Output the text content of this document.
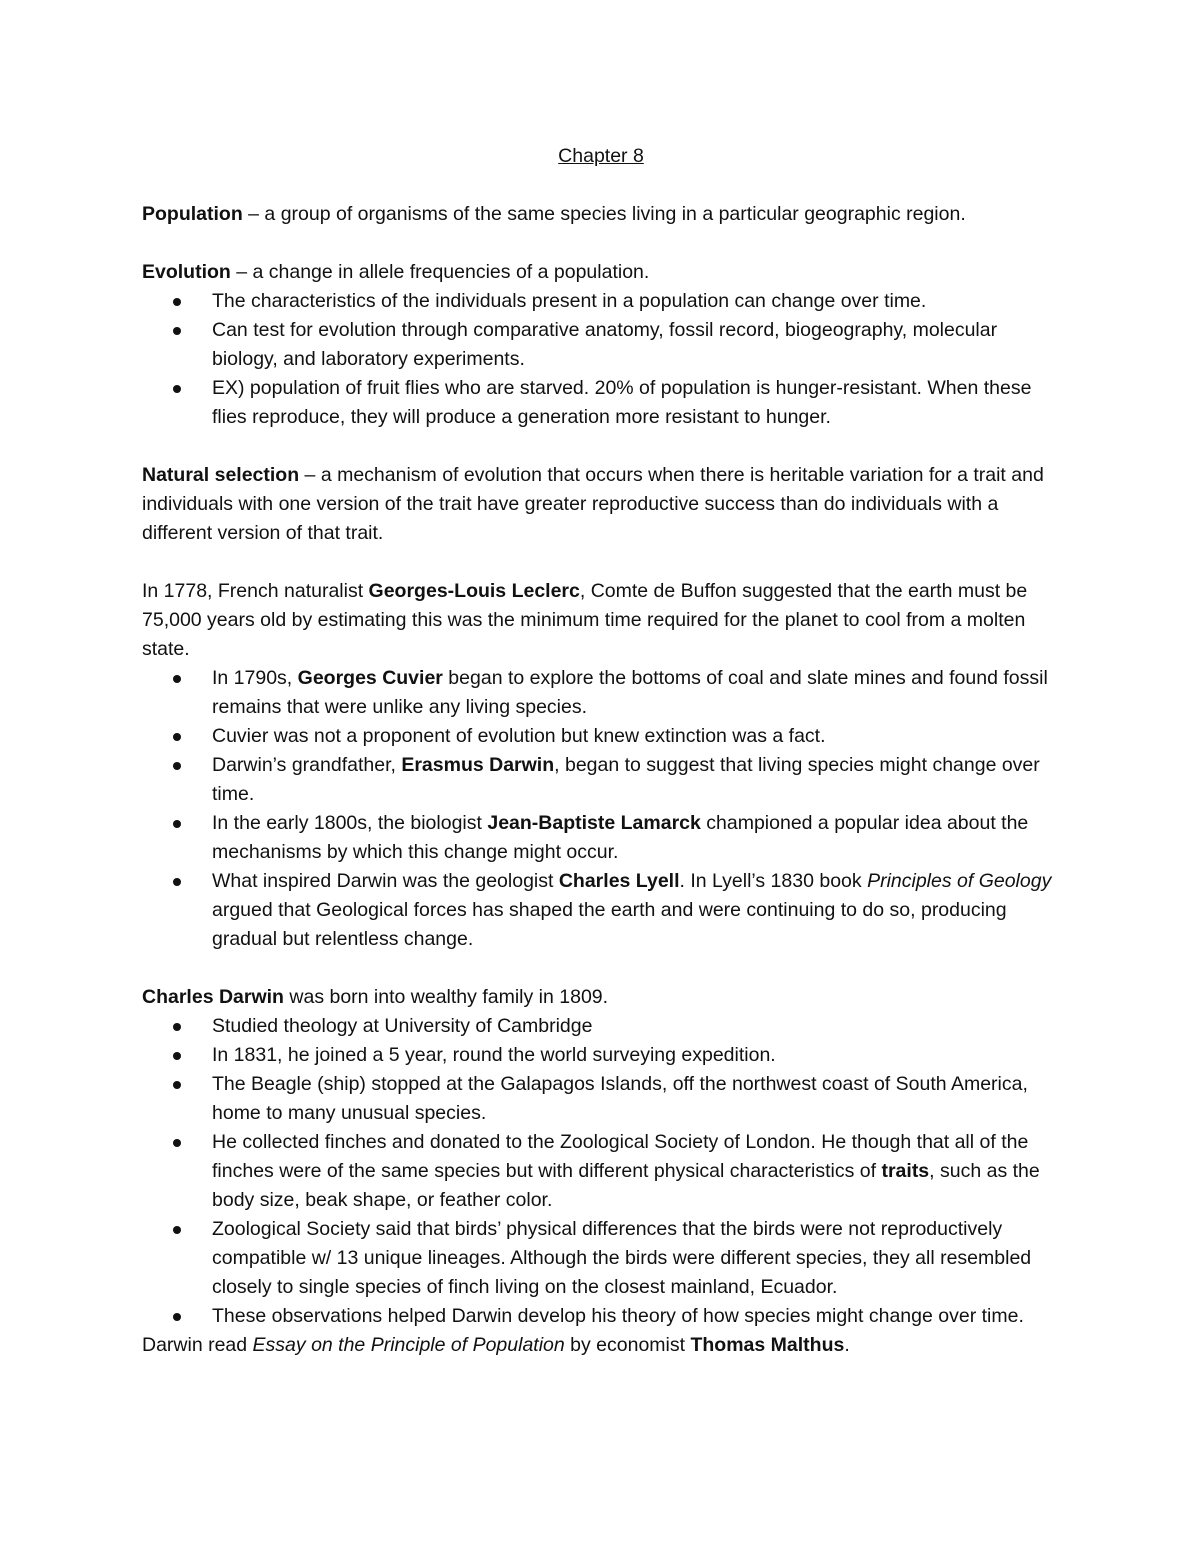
Chapter 8

Population – a group of organisms of the same species living in a particular geographic region.

Evolution – a change in allele frequencies of a population.

The characteristics of the individuals present in a population can change over time.
Can test for evolution through comparative anatomy, fossil record, biogeography, molecular biology, and laboratory experiments.
EX) population of fruit flies who are starved. 20% of population is hunger-resistant. When these flies reproduce, they will produce a generation more resistant to hunger.

Natural selection – a mechanism of evolution that occurs when there is heritable variation for a trait and individuals with one version of the trait have greater reproductive success than do individuals with a different version of that trait.

In 1778, French naturalist Georges-Louis Leclerc, Comte de Buffon suggested that the earth must be 75,000 years old by estimating this was the minimum time required for the planet to cool from a molten state.

In 1790s, Georges Cuvier began to explore the bottoms of coal and slate mines and found fossil remains that were unlike any living species.
Cuvier was not a proponent of evolution but knew extinction was a fact.
Darwin’s grandfather, Erasmus Darwin, began to suggest that living species might change over time.
In the early 1800s, the biologist Jean-Baptiste Lamarck championed a popular idea about the mechanisms by which this change might occur.
What inspired Darwin was the geologist Charles Lyell. In Lyell’s 1830 book Principles of Geology argued that Geological forces has shaped the earth and were continuing to do so, producing gradual but relentless change.

Charles Darwin was born into wealthy family in 1809.

Studied theology at University of Cambridge
In 1831, he joined a 5 year, round the world surveying expedition.
The Beagle (ship) stopped at the Galapagos Islands, off the northwest coast of South America, home to many unusual species.
He collected finches and donated to the Zoological Society of London. He though that all of the finches were of the same species but with different physical characteristics of traits, such as the body size, beak shape, or feather color.
Zoological Society said that birds’ physical differences that the birds were not reproductively compatible w/ 13 unique lineages. Although the birds were different species, they all resembled closely to single species of finch living on the closest mainland, Ecuador.
These observations helped Darwin develop his theory of how species might change over time.

Darwin read Essay on the Principle of Population by economist Thomas Malthus.
